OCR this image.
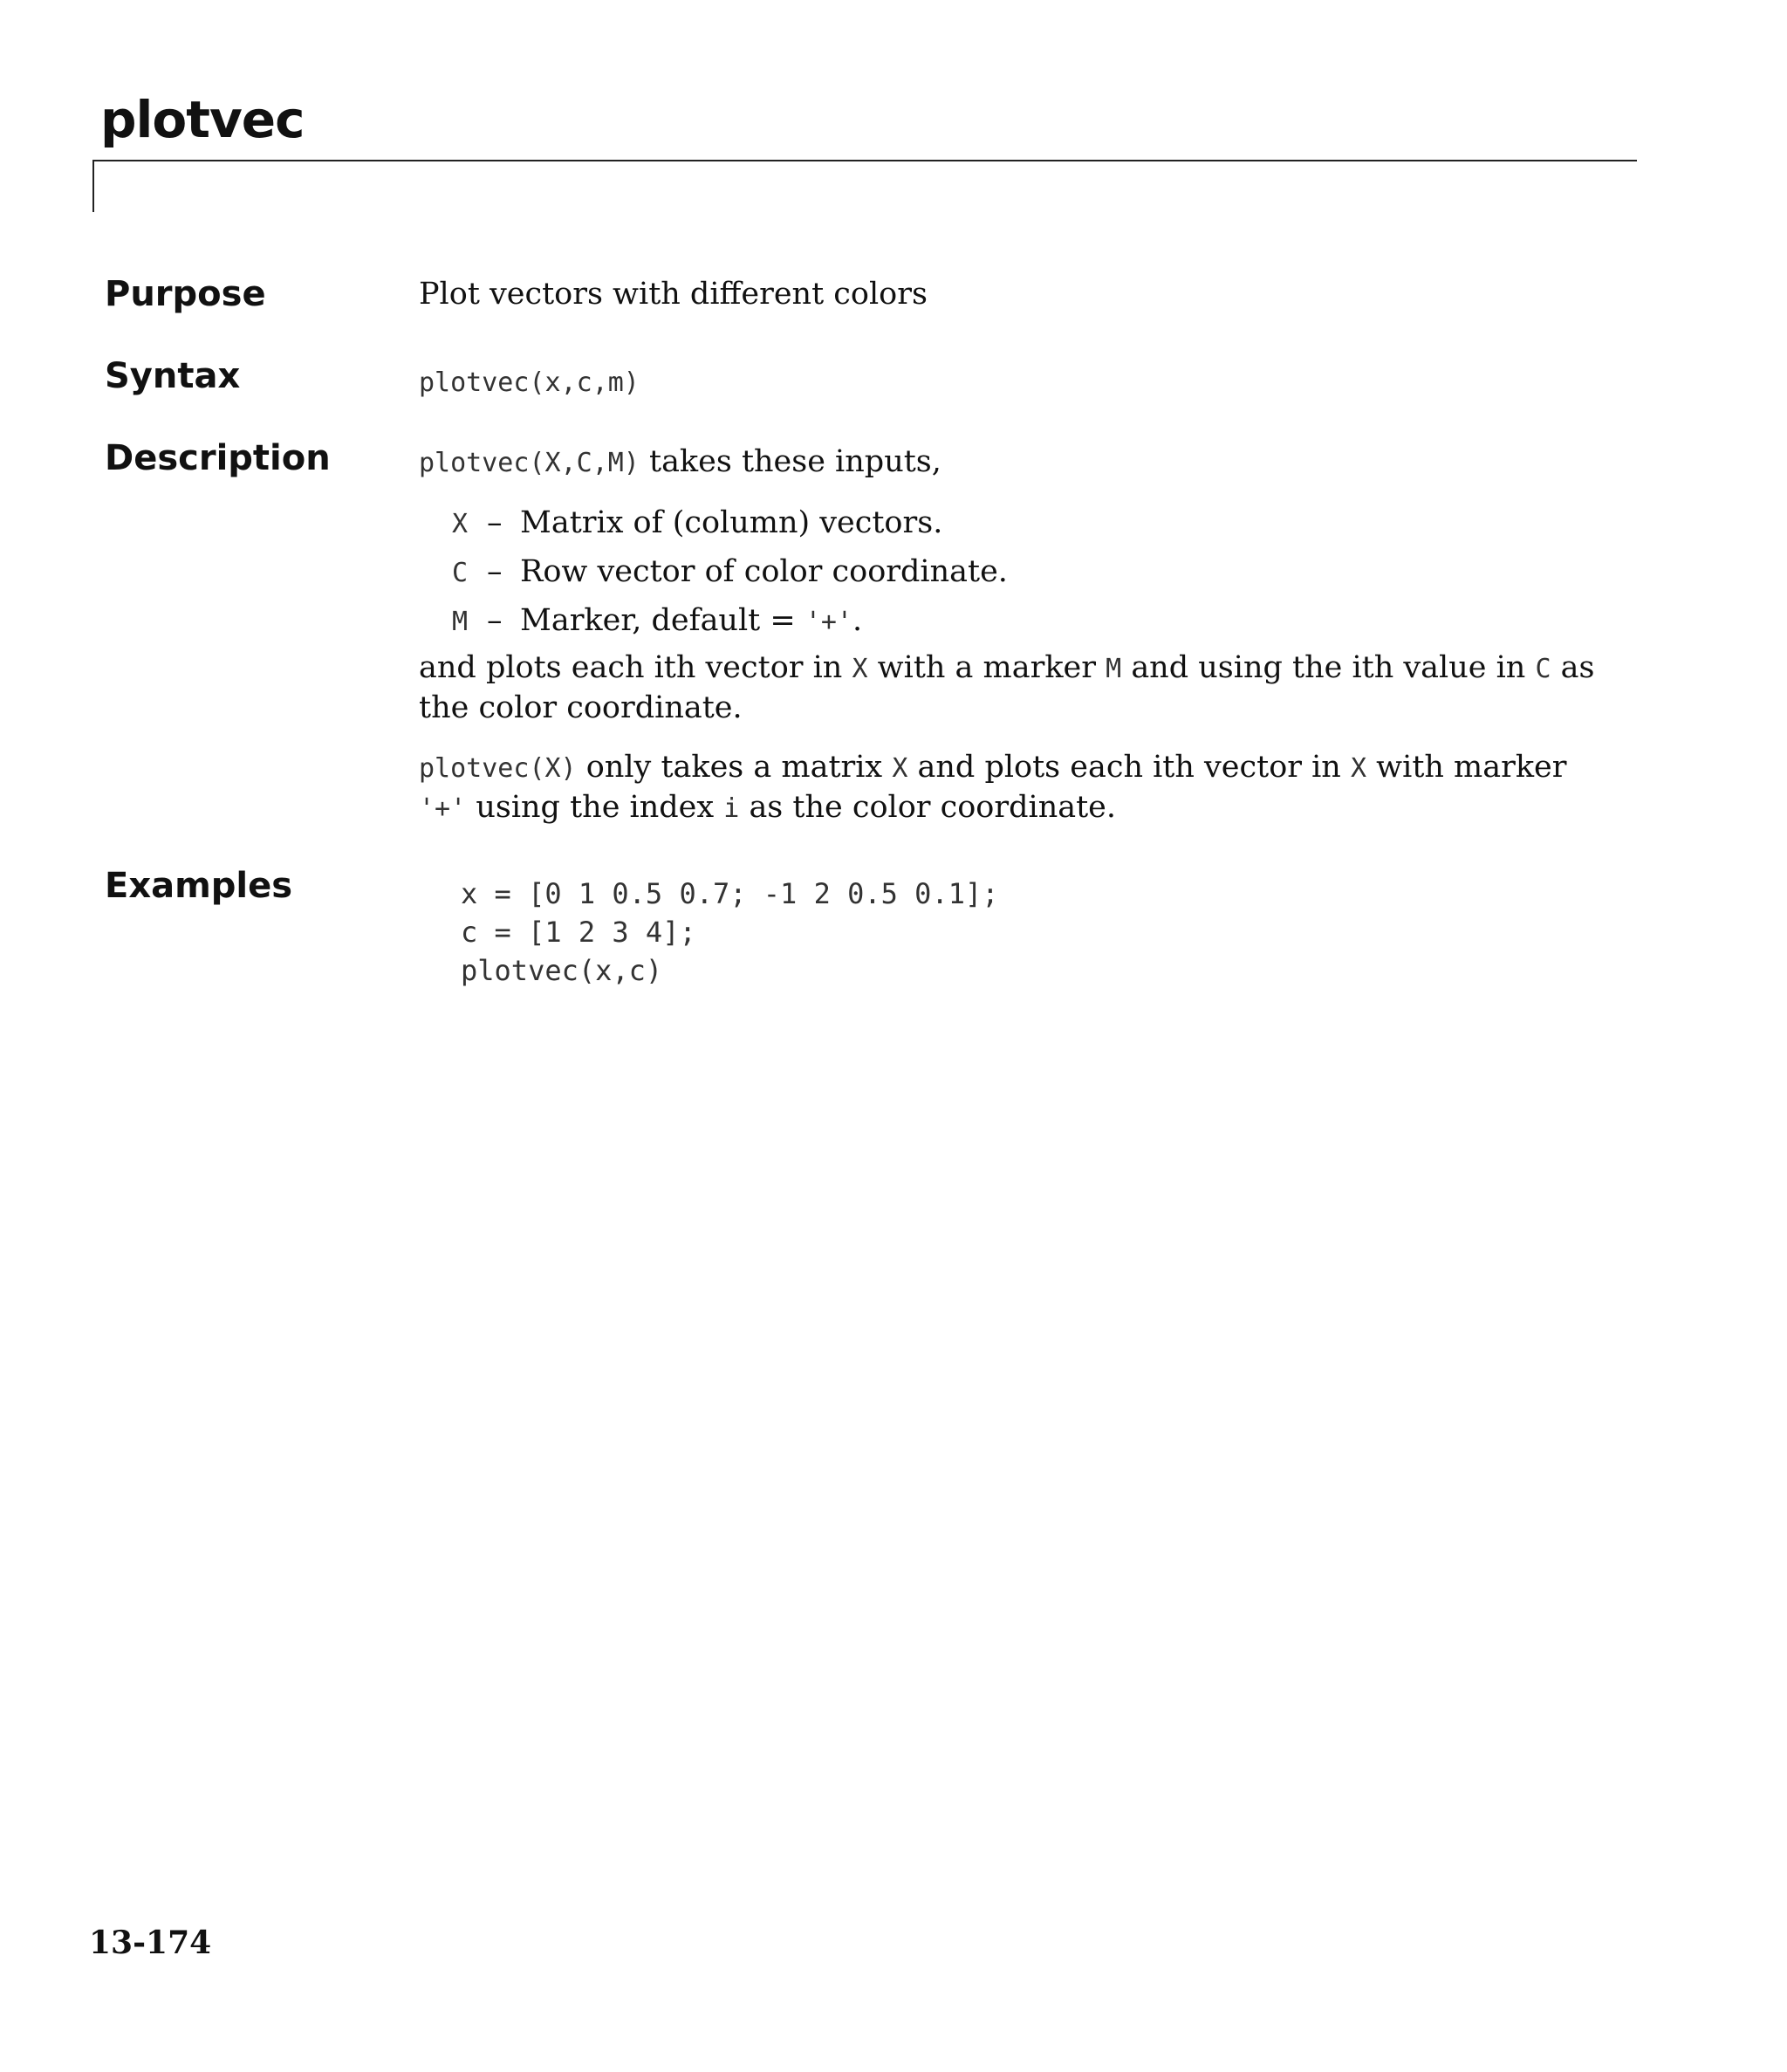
plotvec
Purpose	Plot vectors with different colors
Syntax	plotvec(x,c,m)
Description	plotvec(X,C,M) takes these inputs,
X – Matrix of (column) vectors.
C – Row vector of color coordinate.
M – Marker, default = '+'.
and plots each ith vector in X with a marker M and using the ith value in C as
the color coordinate.
plotvec(X) only takes a matrix X and plots each ith vector in X with marker
'+' using the index i as the color coordinate.
Examples	x = [0 1 0.5 0.7; -1 2 0.5 0.1];
c = [1 2 3 4];
plotvec(x,c)
13-174
